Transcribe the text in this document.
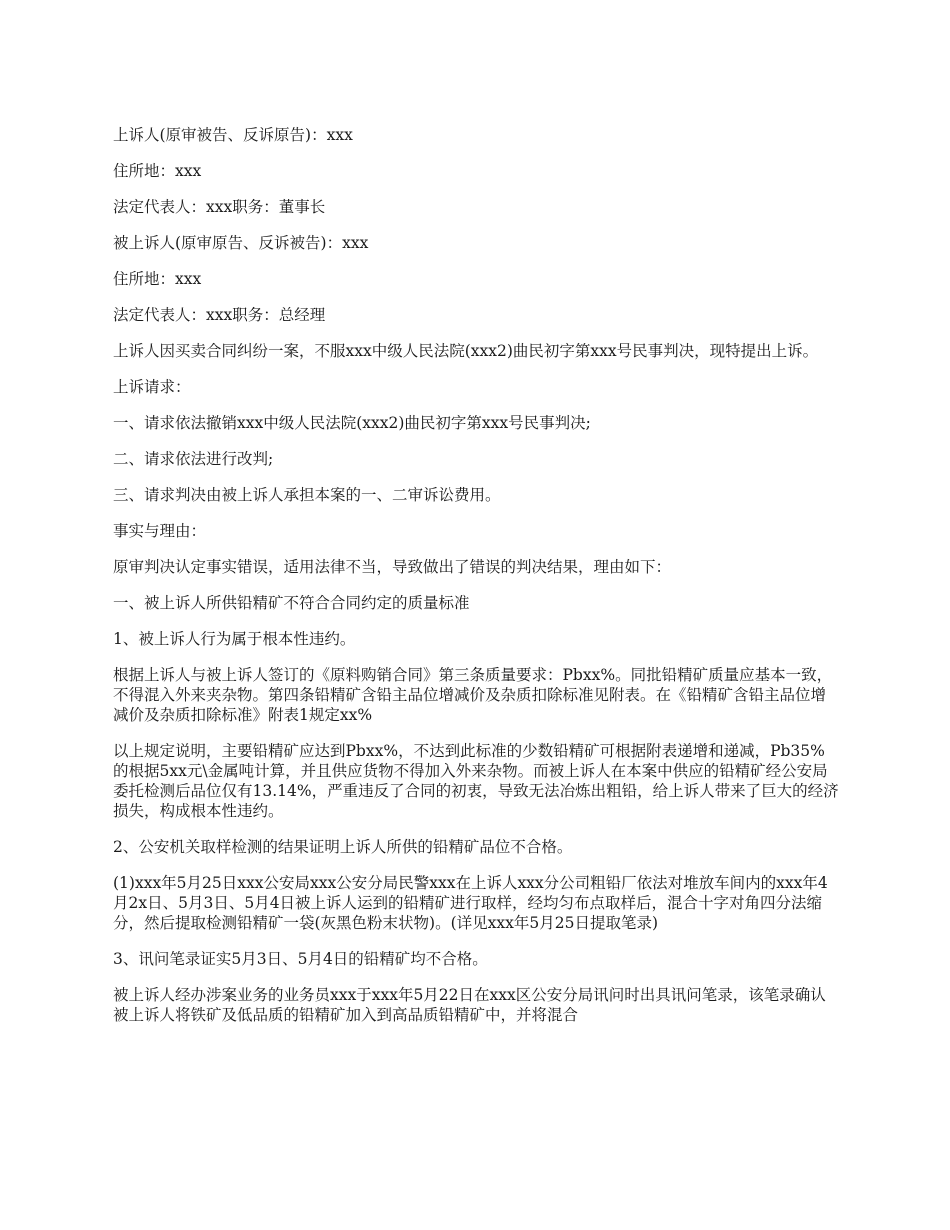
上诉人(原审被告、反诉原告)：xxx

住所地：xxx

法定代表人：xxx职务：董事长

被上诉人(原审原告、反诉被告)：xxx

住所地：xxx

法定代表人：xxx职务：总经理

上诉人因买卖合同纠纷一案，不服xxx中级人民法院(xxx2)曲民初字第xxx号民事判决，现特提出上诉。

上诉请求：

一、请求依法撤销xxx中级人民法院(xxx2)曲民初字第xxx号民事判决;

二、请求依法进行改判;

三、请求判决由被上诉人承担本案的一、二审诉讼费用。

事实与理由：

原审判决认定事实错误，适用法律不当，导致做出了错误的判决结果，理由如下：

一、被上诉人所供铅精矿不符合合同约定的质量标准

1、被上诉人行为属于根本性违约。

根据上诉人与被上诉人签订的《原料购销合同》第三条质量要求：Pbxx%。同批铅精矿质量应基本一致，不得混入外来夹杂物。第四条铅精矿含铅主品位增减价及杂质扣除标准见附表。在《铅精矿含铅主品位增减价及杂质扣除标准》附表1规定xx%

以上规定说明，主要铅精矿应达到Pbxx%，不达到此标准的少数铅精矿可根据附表递增和递减，Pb35%的根据5xx元\金属吨计算，并且供应货物不得加入外来杂物。而被上诉人在本案中供应的铅精矿经公安局委托检测后品位仅有13.14%，严重违反了合同的初衷，导致无法冶炼出粗铅，给上诉人带来了巨大的经济损失，构成根本性违约。

2、公安机关取样检测的结果证明上诉人所供的铅精矿品位不合格。

(1)xxx年5月25日xxx公安局xxx公安分局民警xxx在上诉人xxx分公司粗铅厂依法对堆放车间内的xxx年4月2x日、5月3日、5月4日被上诉人运到的铅精矿进行取样，经均匀布点取样后，混合十字对角四分法缩分，然后提取检测铅精矿一袋(灰黑色粉末状物)。(详见xxx年5月25日提取笔录)

3、讯问笔录证实5月3日、5月4日的铅精矿均不合格。

被上诉人经办涉案业务的业务员xxx于xxx年5月22日在xxx区公安分局讯问时出具讯问笔录，该笔录确认被上诉人将铁矿及低品质的铅精矿加入到高品质铅精矿中，并将混合
